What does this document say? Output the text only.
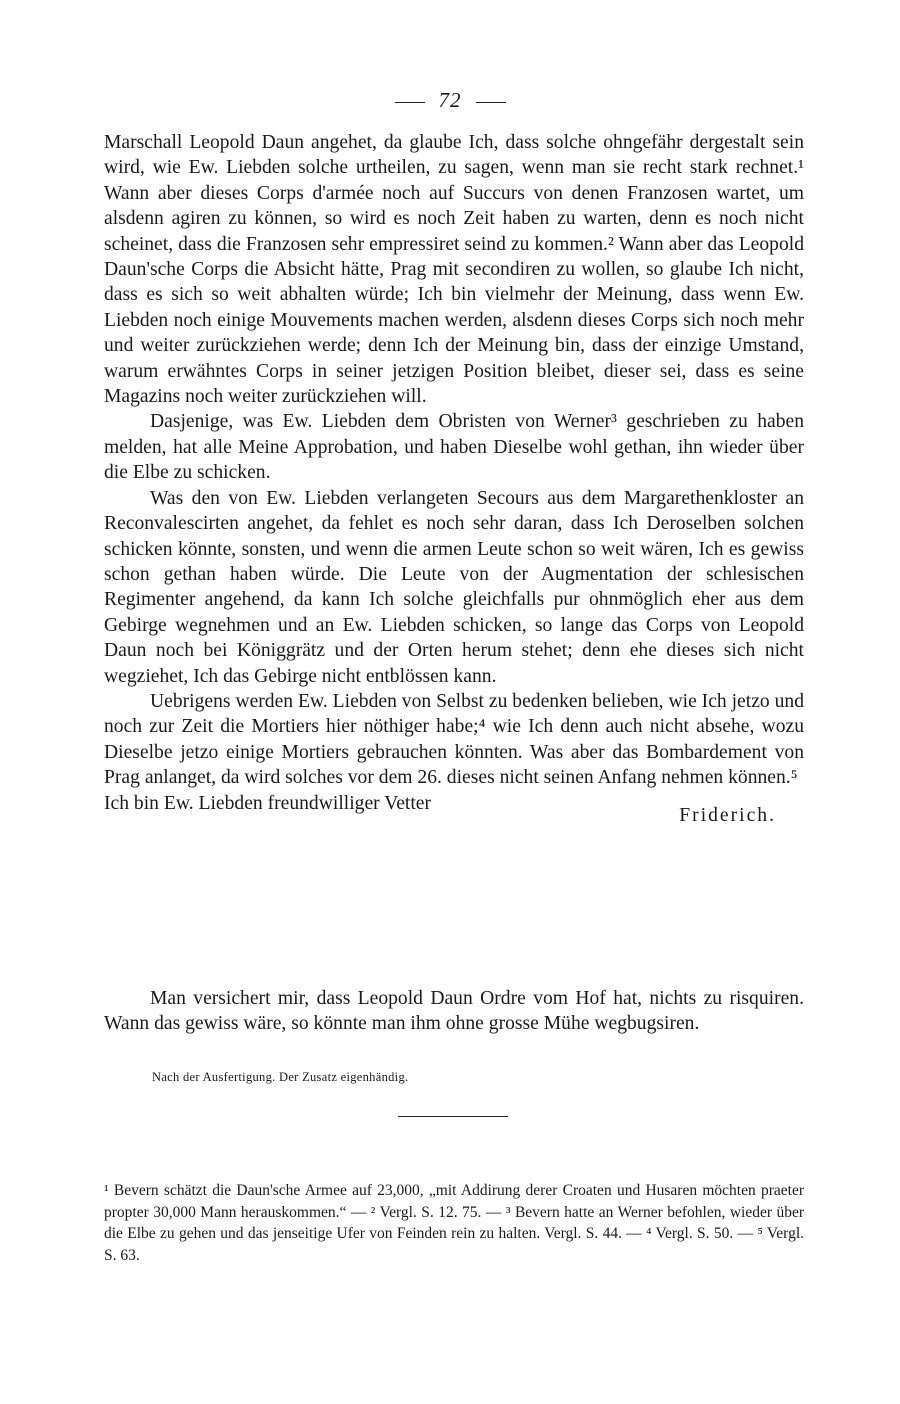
72

Marschall Leopold Daun angehet, da glaube Ich, dass solche ohngefähr dergestalt sein wird, wie Ew. Liebden solche urtheilen, zu sagen, wenn man sie recht stark rechnet.¹ Wann aber dieses Corps d'armée noch auf Succurs von denen Franzosen wartet, um alsdenn agiren zu können, so wird es noch Zeit haben zu warten, denn es noch nicht scheinet, dass die Franzosen sehr empressiret seind zu kommen.² Wann aber das Leopold Daun'sche Corps die Absicht hätte, Prag mit secondiren zu wollen, so glaube Ich nicht, dass es sich so weit abhalten würde; Ich bin vielmehr der Meinung, dass wenn Ew. Liebden noch einige Mouvements machen werden, alsdenn dieses Corps sich noch mehr und weiter zurückziehen werde; denn Ich der Meinung bin, dass der einzige Umstand, warum erwähntes Corps in seiner jetzigen Position bleibet, dieser sei, dass es seine Magazins noch weiter zurückziehen will.

Dasjenige, was Ew. Liebden dem Obristen von Werner³ geschrieben zu haben melden, hat alle Meine Approbation, und haben Dieselbe wohl gethan, ihn wieder über die Elbe zu schicken.

Was den von Ew. Liebden verlangeten Secours aus dem Margarethenkloster an Reconvalescirten angehet, da fehlet es noch sehr daran, dass Ich Deroselben solchen schicken könnte, sonsten, und wenn die armen Leute schon so weit wären, Ich es gewiss schon gethan haben würde. Die Leute von der Augmentation der schlesischen Regimenter angehend, da kann Ich solche gleichfalls pur ohnmöglich eher aus dem Gebirge wegnehmen und an Ew. Liebden schicken, so lange das Corps von Leopold Daun noch bei Königgrätz und der Orten herum stehet; denn ehe dieses sich nicht wegziehet, Ich das Gebirge nicht entblössen kann.

Uebrigens werden Ew. Liebden von Selbst zu bedenken belieben, wie Ich jetzo und noch zur Zeit die Mortiers hier nöthiger habe;⁴ wie Ich denn auch nicht absehe, wozu Dieselbe jetzo einige Mortiers gebrauchen könnten. Was aber das Bombardement von Prag anlanget, da wird solches vor dem 26. dieses nicht seinen Anfang nehmen können.⁵

Ich bin Ew. Liebden freundwilliger Vetter
Friderich.

Man versichert mir, dass Leopold Daun Ordre vom Hof hat, nichts zu risquiren. Wann das gewiss wäre, so könnte man ihm ohne grosse Mühe wegbugsiren.

Nach der Ausfertigung. Der Zusatz eigenhändig.

¹ Bevern schätzt die Daun'sche Armee auf 23,000, „mit Addirung derer Croaten und Husaren möchten praeter propter 30,000 Mann herauskommen.“ — ² Vergl. S. 12. 75. — ³ Bevern hatte an Werner befohlen, wieder über die Elbe zu gehen und das jenseitige Ufer von Feinden rein zu halten. Vergl. S. 44. — ⁴ Vergl. S. 50. — ⁵ Vergl. S. 63.
